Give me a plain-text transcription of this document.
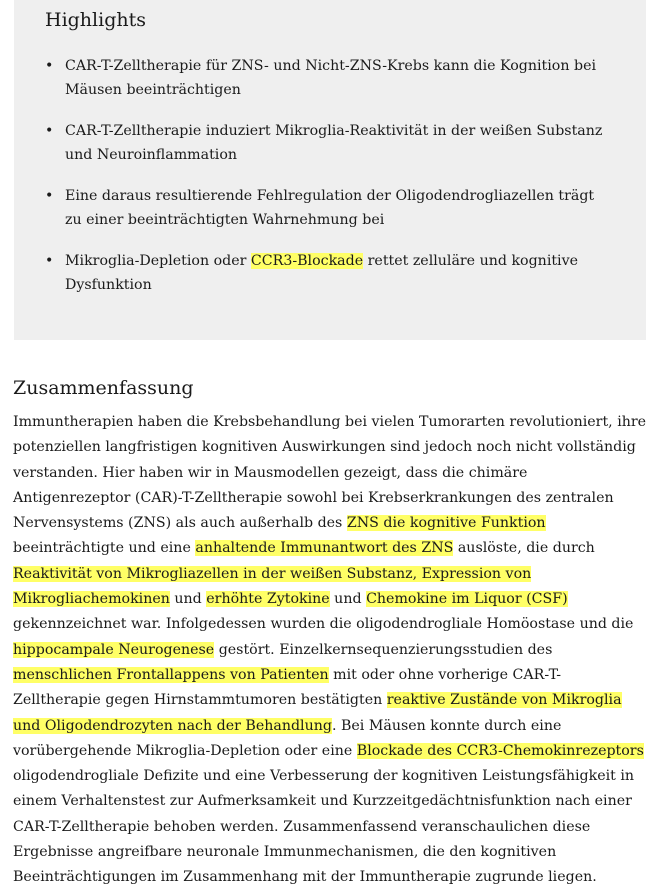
Highlights
• CAR-T-Zelltherapie für ZNS- und Nicht-ZNS-Krebs kann die Kognition bei Mäusen beeinträchtigen
• CAR-T-Zelltherapie induziert Mikroglia-Reaktivität in der weißen Substanz und Neuroinflammation
• Eine daraus resultierende Fehlregulation der Oligodendrogliazellen trägt zu einer beeinträchtigten Wahrnehmung bei
• Mikroglia-Depletion oder CCR3-Blockade rettet zelluläre und kognitive Dysfunktion
Zusammenfassung

Immuntherapien haben die Krebsbehandlung bei vielen Tumorarten revolutioniert, ihre potenziellen langfristigen kognitiven Auswirkungen sind jedoch noch nicht vollständig verstanden. Hier haben wir in Mausmodellen gezeigt, dass die chimäre Antigenrezeptor (CAR)-T-Zelltherapie sowohl bei Krebserkrankungen des zentralen Nervensystems (ZNS) als auch außerhalb des ZNS die kognitive Funktion beeinträchtigte und eine anhaltende Immunantwort des ZNS auslöste, die durch Reaktivität von Mikrogliazellen in der weißen Substanz, Expression von Mikrogliachemokinen und erhöhte Zytokine und Chemokine im Liquor (CSF) gekennzeichnet war. Infolgedessen wurden die oligodendrogliale Homöostase und die hippocampale Neurogenese gestört. Einzelkernsequenzierungsstudien des menschlichen Frontallappens von Patienten mit oder ohne vorherige CAR-T-Zelltherapie gegen Hirnstammtumoren bestätigten reaktive Zustände von Mikroglia und Oligodendrozyten nach der Behandlung. Bei Mäusen konnte durch eine vorübergehende Mikroglia-Depletion oder eine Blockade des CCR3-Chemokinrezeptors oligodendrogliale Defizite und eine Verbesserung der kognitiven Leistungsfähigkeit in einem Verhaltenstest zur Aufmerksamkeit und Kurzzeitgedächtnisfunktion nach einer CAR-T-Zelltherapie behoben werden. Zusammenfassend veranschaulichen diese Ergebnisse angreifbare neuronale Immunmechanismen, die den kognitiven Beeinträchtigungen im Zusammenhang mit der Immuntherapie zugrunde liegen.
